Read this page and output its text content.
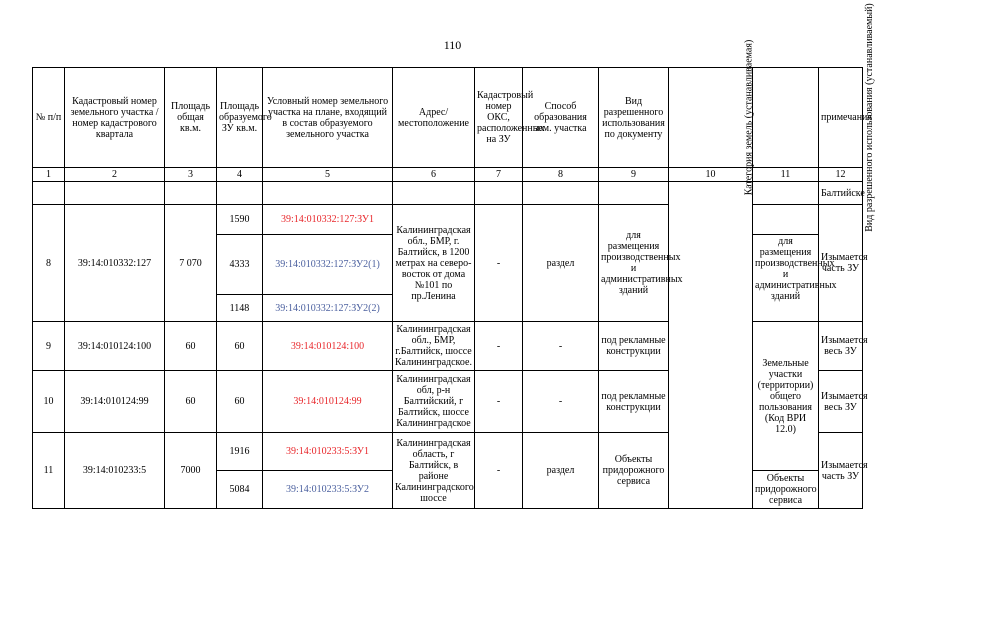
110
№ п/п	Кадастровый номер земельного участка /номер кадастрового квартала	Площадь общая кв.м.	Площадь образуемого ЗУ кв.м.	Условный номер земельного участка на плане, входящий в состав образуемого земельного участка	Адрес/ местоположение	Кадастровый номер ОКС, расположенных на ЗУ	Способ образования зем. участка	Вид разрешенного использования по документу	Категория земель (устанавливаемая)	Вид разрешенного использования (устанавливаемый)	примечания
1	2	3	4	5	6	7	8	9	10	11	12
											Балтийске
8	39:14:010332:127	7 070	1590	39:14:010332:127:ЗУ1	Калининградская обл., БМР, г. Балтийск, в 1200 метрах на северо-восток от дома №101 по пр.Ленина	-	раздел	для размещения производственных и административных зданий			Изымается часть ЗУ
			4333	39:14:010332:127:ЗУ2(1)						для размещения производственных и административных зданий	
			1148	39:14:010332:127:ЗУ2(2)							
9	39:14:010124:100	60	60	39:14:010124:100	Калининградская обл., БМР, г.Балтийск, шоссе Калининградское.	-	-	под рекламные конструкции		Земельные участки (территории) общего пользования (Код ВРИ 12.0)	Изымается весь ЗУ
10	39:14:010124:99	60	60	39:14:010124:99	Калининградская обл, р-н Балтийский, г Балтийск, шоссе Калининградское	-	-	под рекламные конструкции			Изымается весь ЗУ
11	39:14:010233:5	7000	1916	39:14:010233:5:ЗУ1	Калининградская область, г Балтийск, в районе Калининградского шоссе	-	раздел	Объекты придорожного сервиса			Изымается часть ЗУ
			5084	39:14:010233:5:ЗУ2						Объекты придорожного сервиса	
